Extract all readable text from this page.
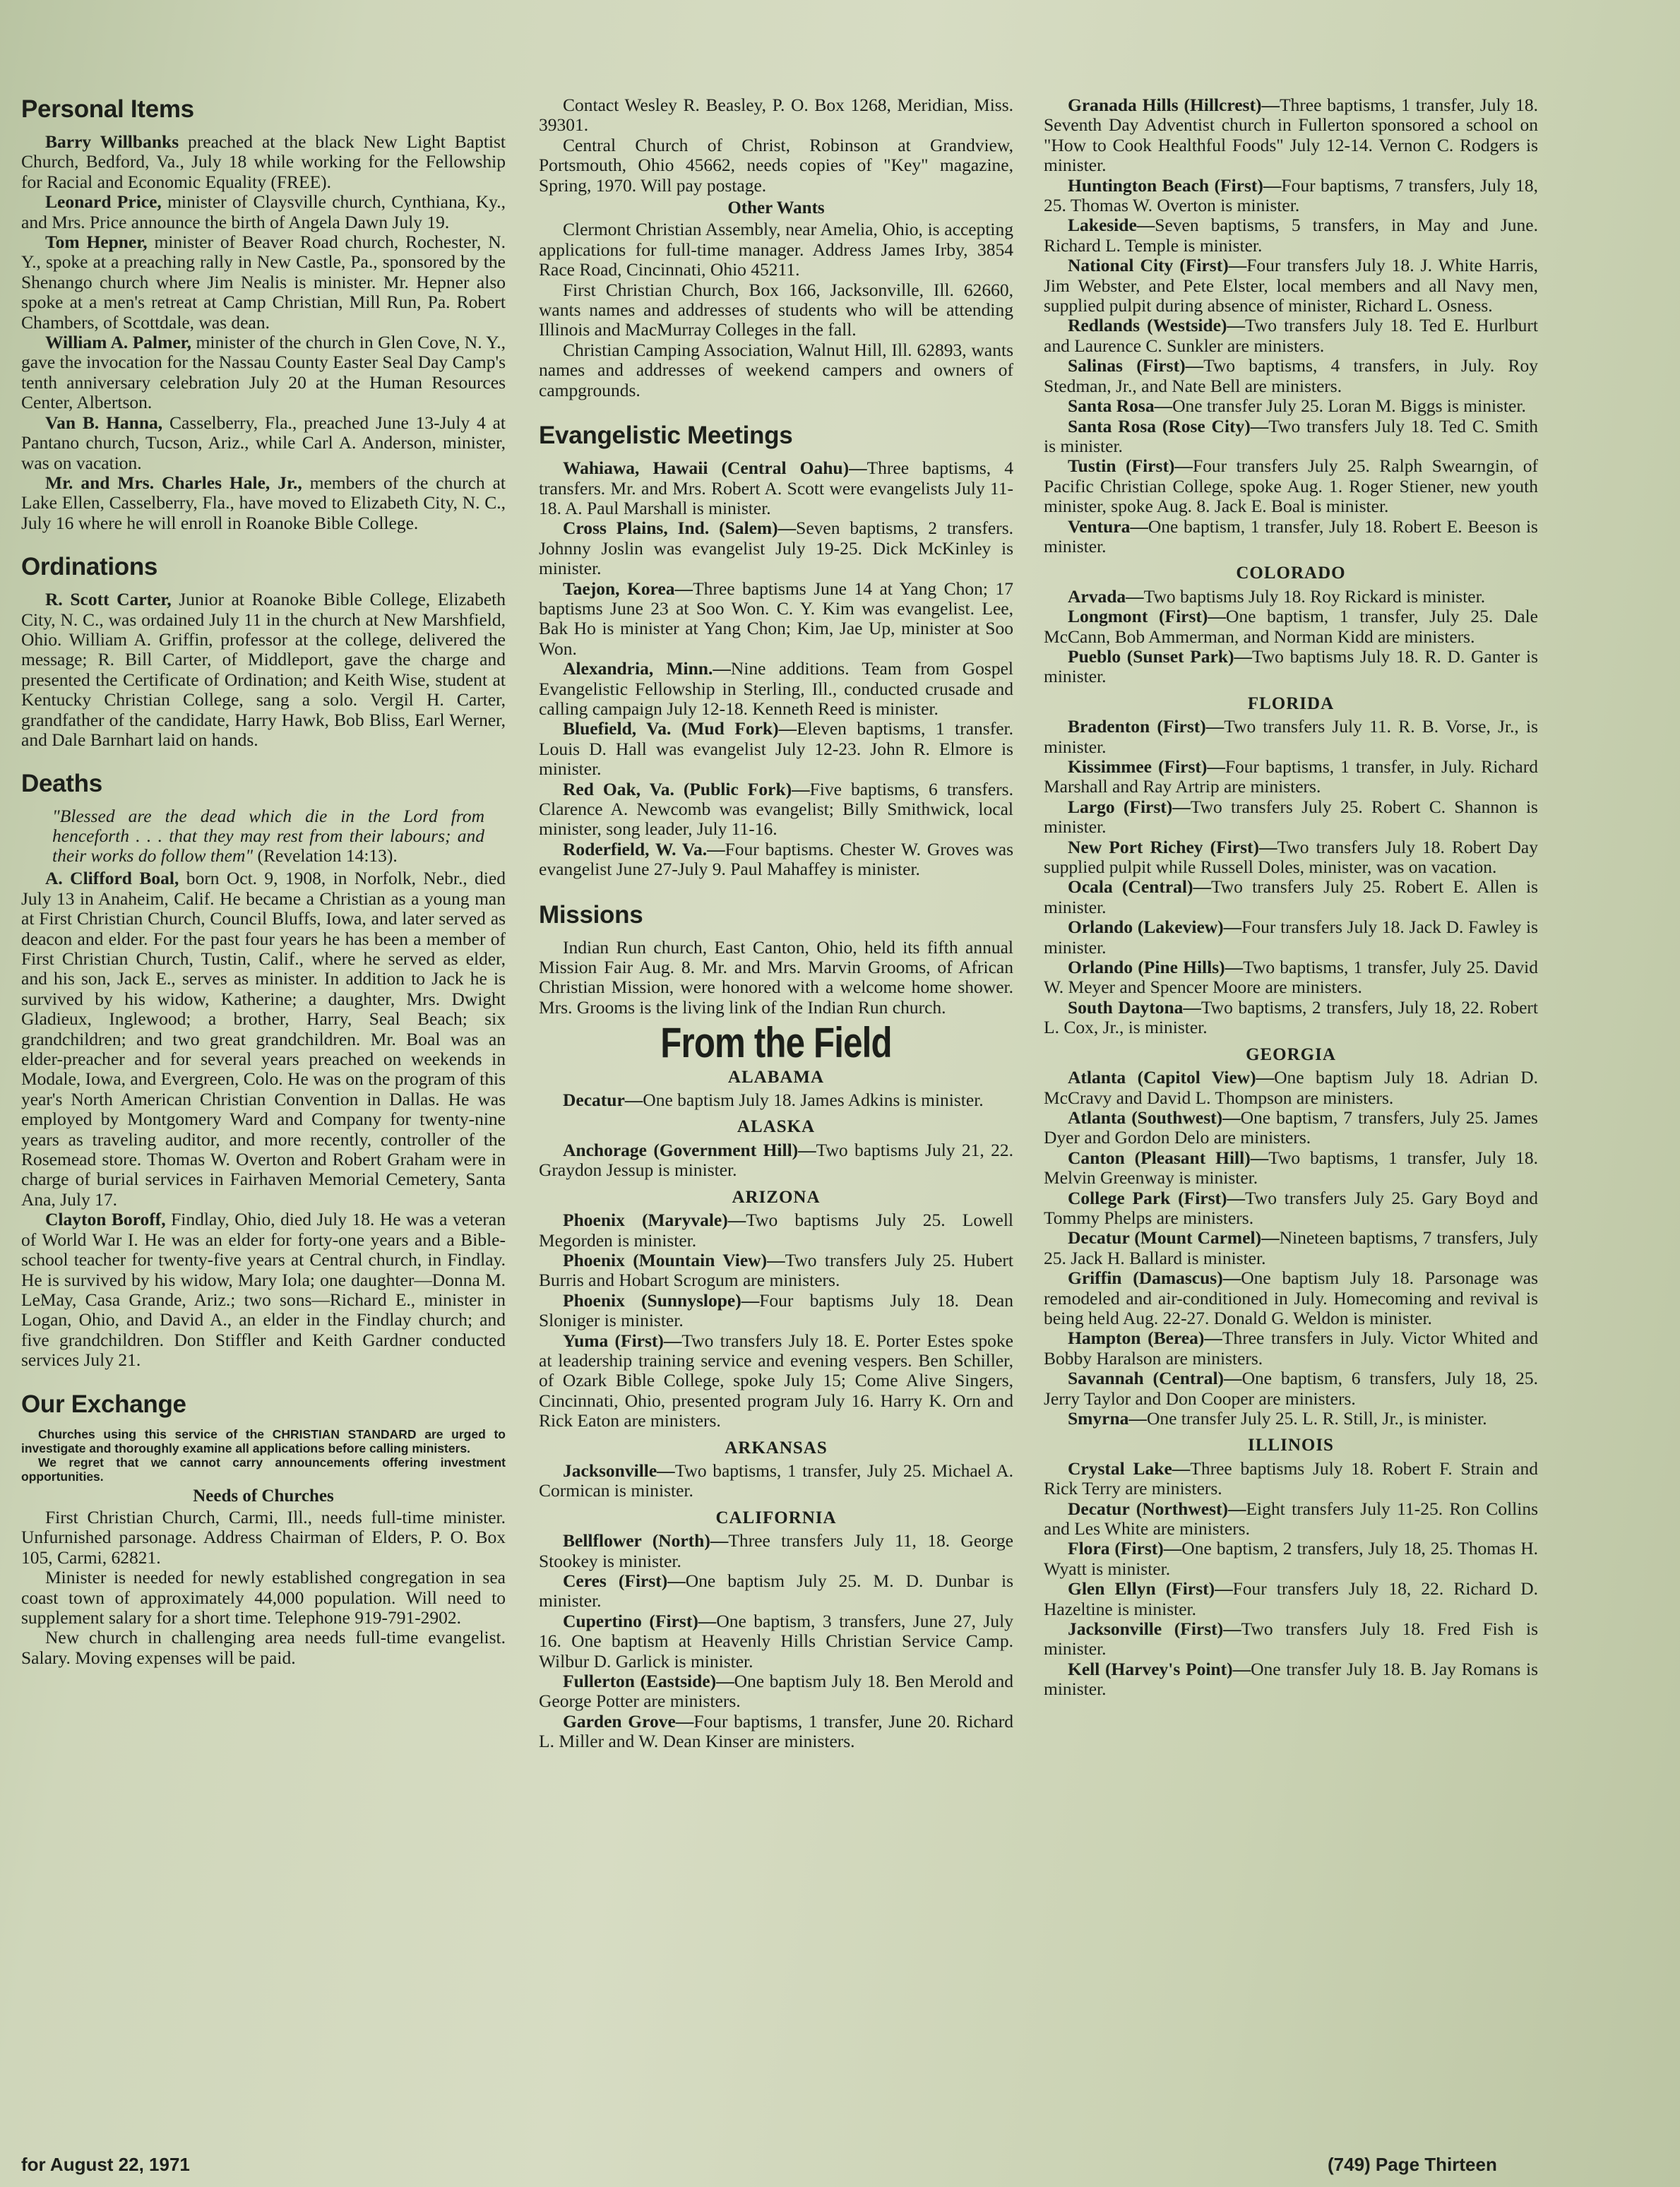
Personal Items

Barry Willbanks preached at the black New Light Baptist Church, Bedford, Va., July 18 while working for the Fellowship for Racial and Economic Equality (FREE).

Leonard Price, minister of Claysville church, Cynthiana, Ky., and Mrs. Price announce the birth of Angela Dawn July 19.

Tom Hepner, minister of Beaver Road church, Rochester, N. Y., spoke at a preaching rally in New Castle, Pa., sponsored by the Shenango church where Jim Nealis is minister. Mr. Hepner also spoke at a men's retreat at Camp Christian, Mill Run, Pa. Robert Chambers, of Scottdale, was dean.

William A. Palmer, minister of the church in Glen Cove, N. Y., gave the invocation for the Nassau County Easter Seal Day Camp's tenth anniversary celebration July 20 at the Human Resources Center, Albertson.

Van B. Hanna, Casselberry, Fla., preached June 13-July 4 at Pantano church, Tucson, Ariz., while Carl A. Anderson, minister, was on vacation.

Mr. and Mrs. Charles Hale, Jr., members of the church at Lake Ellen, Casselberry, Fla., have moved to Elizabeth City, N. C., July 16 where he will enroll in Roanoke Bible College.

Ordinations

R. Scott Carter, Junior at Roanoke Bible College, Elizabeth City, N. C., was ordained July 11 in the church at New Marshfield, Ohio. William A. Griffin, professor at the college, delivered the message; R. Bill Carter, of Middleport, gave the charge and presented the Certificate of Ordination; and Keith Wise, student at Kentucky Christian College, sang a solo. Vergil H. Carter, grandfather of the candidate, Harry Hawk, Bob Bliss, Earl Werner, and Dale Barnhart laid on hands.

Deaths

"Blessed are the dead which die in the Lord from henceforth . . . that they may rest from their labours; and their works do follow them" (Revelation 14:13).

A. Clifford Boal, born Oct. 9, 1908, in Norfolk, Nebr., died July 13 in Anaheim, Calif. He became a Christian as a young man at First Christian Church, Council Bluffs, Iowa, and later served as deacon and elder. For the past four years he has been a member of First Christian Church, Tustin, Calif., where he served as elder, and his son, Jack E., serves as minister. In addition to Jack he is survived by his widow, Katherine; a daughter, Mrs. Dwight Gladieux, Inglewood; a brother, Harry, Seal Beach; six grandchildren; and two great grandchildren. Mr. Boal was an elder-preacher and for several years preached on weekends in Modale, Iowa, and Evergreen, Colo. He was on the program of this year's North American Christian Convention in Dallas. He was employed by Montgomery Ward and Company for twenty-nine years as traveling auditor, and more recently, controller of the Rosemead store. Thomas W. Overton and Robert Graham were in charge of burial services in Fairhaven Memorial Cemetery, Santa Ana, July 17.

Clayton Boroff, Findlay, Ohio, died July 18. He was a veteran of World War I. He was an elder for forty-one years and a Bible-school teacher for twenty-five years at Central church, in Findlay. He is survived by his widow, Mary Iola; one daughter—Donna M. LeMay, Casa Grande, Ariz.; two sons—Richard E., minister in Logan, Ohio, and David A., an elder in the Findlay church; and five grandchildren. Don Stiffler and Keith Gardner conducted services July 21.

Our Exchange

Churches using this service of the CHRISTIAN STANDARD are urged to investigate and thoroughly examine all applications before calling ministers.

We regret that we cannot carry announcements offering investment opportunities.

Needs of Churches

First Christian Church, Carmi, Ill., needs full-time minister. Unfurnished parsonage. Address Chairman of Elders, P. O. Box 105, Carmi, 62821.

Minister is needed for newly established congregation in sea coast town of approximately 44,000 population. Will need to supplement salary for a short time. Telephone 919-791-2902.

New church in challenging area needs full-time evangelist. Salary. Moving expenses will be paid.

Contact Wesley R. Beasley, P. O. Box 1268, Meridian, Miss. 39301.

Central Church of Christ, Robinson at Grandview, Portsmouth, Ohio 45662, needs copies of "Key" magazine, Spring, 1970. Will pay postage.

Other Wants

Clermont Christian Assembly, near Amelia, Ohio, is accepting applications for full-time manager. Address James Irby, 3854 Race Road, Cincinnati, Ohio 45211.

First Christian Church, Box 166, Jacksonville, Ill. 62660, wants names and addresses of students who will be attending Illinois and MacMurray Colleges in the fall.

Christian Camping Association, Walnut Hill, Ill. 62893, wants names and addresses of weekend campers and owners of campgrounds.

Evangelistic Meetings

Wahiawa, Hawaii (Central Oahu)—Three baptisms, 4 transfers. Mr. and Mrs. Robert A. Scott were evangelists July 11-18. A. Paul Marshall is minister.

Cross Plains, Ind. (Salem)—Seven baptisms, 2 transfers. Johnny Joslin was evangelist July 19-25. Dick McKinley is minister.

Taejon, Korea—Three baptisms June 14 at Yang Chon; 17 baptisms June 23 at Soo Won. C. Y. Kim was evangelist. Lee, Bak Ho is minister at Yang Chon; Kim, Jae Up, minister at Soo Won.

Alexandria, Minn.—Nine additions. Team from Gospel Evangelistic Fellowship in Sterling, Ill., conducted crusade and calling campaign July 12-18. Kenneth Reed is minister.

Bluefield, Va. (Mud Fork)—Eleven baptisms, 1 transfer. Louis D. Hall was evangelist July 12-23. John R. Elmore is minister.

Red Oak, Va. (Public Fork)—Five baptisms, 6 transfers. Clarence A. Newcomb was evangelist; Billy Smithwick, local minister, song leader, July 11-16.

Roderfield, W. Va.—Four baptisms. Chester W. Groves was evangelist June 27-July 9. Paul Mahaffey is minister.

Missions

Indian Run church, East Canton, Ohio, held its fifth annual Mission Fair Aug. 8. Mr. and Mrs. Marvin Grooms, of African Christian Mission, were honored with a welcome home shower. Mrs. Grooms is the living link of the Indian Run church.

From the Field
ALABAMA

Decatur—One baptism July 18. James Adkins is minister.

ALASKA

Anchorage (Government Hill)—Two baptisms July 21, 22. Graydon Jessup is minister.

ARIZONA

Phoenix (Maryvale)—Two baptisms July 25. Lowell Megorden is minister.

Phoenix (Mountain View)—Two transfers July 25. Hubert Burris and Hobart Scrogum are ministers.

Phoenix (Sunnyslope)—Four baptisms July 18. Dean Sloniger is minister.

Yuma (First)—Two transfers July 18. E. Porter Estes spoke at leadership training service and evening vespers. Ben Schiller, of Ozark Bible College, spoke July 15; Come Alive Singers, Cincinnati, Ohio, presented program July 16. Harry K. Orn and Rick Eaton are ministers.

ARKANSAS

Jacksonville—Two baptisms, 1 transfer, July 25. Michael A. Cormican is minister.

CALIFORNIA

Bellflower (North)—Three transfers July 11, 18. George Stookey is minister.

Ceres (First)—One baptism July 25. M. D. Dunbar is minister.

Cupertino (First)—One baptism, 3 transfers, June 27, July 16. One baptism at Heavenly Hills Christian Service Camp. Wilbur D. Garlick is minister.

Fullerton (Eastside)—One baptism July 18. Ben Merold and George Potter are ministers.

Garden Grove—Four baptisms, 1 transfer, June 20. Richard L. Miller and W. Dean Kinser are ministers.

Granada Hills (Hillcrest)—Three baptisms, 1 transfer, July 18. Seventh Day Adventist church in Fullerton sponsored a school on "How to Cook Healthful Foods" July 12-14. Vernon C. Rodgers is minister.

Huntington Beach (First)—Four baptisms, 7 transfers, July 18, 25. Thomas W. Overton is minister.

Lakeside—Seven baptisms, 5 transfers, in May and June. Richard L. Temple is minister.

National City (First)—Four transfers July 18. J. White Harris, Jim Webster, and Pete Elster, local members and all Navy men, supplied pulpit during absence of minister, Richard L. Osness.

Redlands (Westside)—Two transfers July 18. Ted E. Hurlburt and Laurence C. Sunkler are ministers.

Salinas (First)—Two baptisms, 4 transfers, in July. Roy Stedman, Jr., and Nate Bell are ministers.

Santa Rosa—One transfer July 25. Loran M. Biggs is minister.

Santa Rosa (Rose City)—Two transfers July 18. Ted C. Smith is minister.

Tustin (First)—Four transfers July 25. Ralph Swearngin, of Pacific Christian College, spoke Aug. 1. Roger Stiener, new youth minister, spoke Aug. 8. Jack E. Boal is minister.

Ventura—One baptism, 1 transfer, July 18. Robert E. Beeson is minister.

COLORADO

Arvada—Two baptisms July 18. Roy Rickard is minister.

Longmont (First)—One baptism, 1 transfer, July 25. Dale McCann, Bob Ammerman, and Norman Kidd are ministers.

Pueblo (Sunset Park)—Two baptisms July 18. R. D. Ganter is minister.

FLORIDA

Bradenton (First)—Two transfers July 11. R. B. Vorse, Jr., is minister.

Kissimmee (First)—Four baptisms, 1 transfer, in July. Richard Marshall and Ray Artrip are ministers.

Largo (First)—Two transfers July 25. Robert C. Shannon is minister.

New Port Richey (First)—Two transfers July 18. Robert Day supplied pulpit while Russell Doles, minister, was on vacation.

Ocala (Central)—Two transfers July 25. Robert E. Allen is minister.

Orlando (Lakeview)—Four transfers July 18. Jack D. Fawley is minister.

Orlando (Pine Hills)—Two baptisms, 1 transfer, July 25. David W. Meyer and Spencer Moore are ministers.

South Daytona—Two baptisms, 2 transfers, July 18, 22. Robert L. Cox, Jr., is minister.

GEORGIA

Atlanta (Capitol View)—One baptism July 18. Adrian D. McCravy and David L. Thompson are ministers.

Atlanta (Southwest)—One baptism, 7 transfers, July 25. James Dyer and Gordon Delo are ministers.

Canton (Pleasant Hill)—Two baptisms, 1 transfer, July 18. Melvin Greenway is minister.

College Park (First)—Two transfers July 25. Gary Boyd and Tommy Phelps are ministers.

Decatur (Mount Carmel)—Nineteen baptisms, 7 transfers, July 25. Jack H. Ballard is minister.

Griffin (Damascus)—One baptism July 18. Parsonage was remodeled and air-conditioned in July. Homecoming and revival is being held Aug. 22-27. Donald G. Weldon is minister.

Hampton (Berea)—Three transfers in July. Victor Whited and Bobby Haralson are ministers.

Savannah (Central)—One baptism, 6 transfers, July 18, 25. Jerry Taylor and Don Cooper are ministers.

Smyrna—One transfer July 25. L. R. Still, Jr., is minister.

ILLINOIS

Crystal Lake—Three baptisms July 18. Robert F. Strain and Rick Terry are ministers.

Decatur (Northwest)—Eight transfers July 11-25. Ron Collins and Les White are ministers.

Flora (First)—One baptism, 2 transfers, July 18, 25. Thomas H. Wyatt is minister.

Glen Ellyn (First)—Four transfers July 18, 22. Richard D. Hazeltine is minister.

Jacksonville (First)—Two transfers July 18. Fred Fish is minister.

Kell (Harvey's Point)—One transfer July 18. B. Jay Romans is minister.

for August 22, 1971	(749) Page Thirteen
